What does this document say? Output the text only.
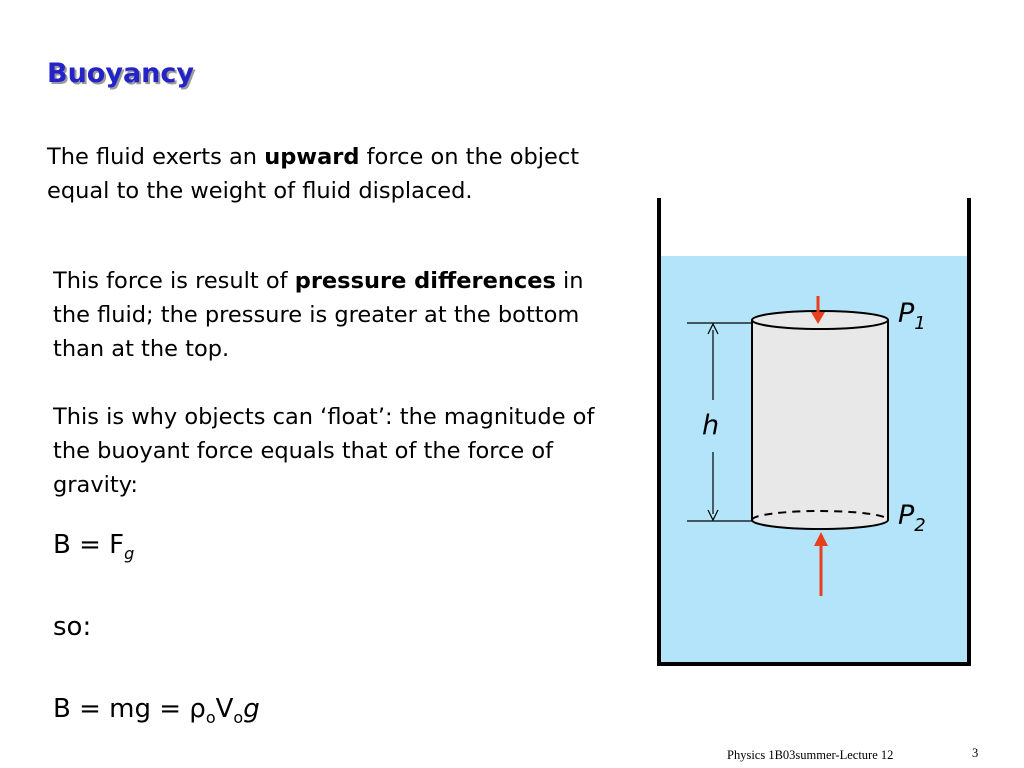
Buoyancy

The fluid exerts an upward force on the object equal to the weight of fluid displaced.

This force is result of pressure differences in the fluid; the pressure is greater at the bottom than at the top.

This is why objects can ‘float’: the magnitude of the buoyant force equals that of the force of gravity:

$B = F_g$

so:

B = mg = $\rho_oV_og$

$P_1$

$P_2$

h

Physics 1B03summer-Lecture 12	3
